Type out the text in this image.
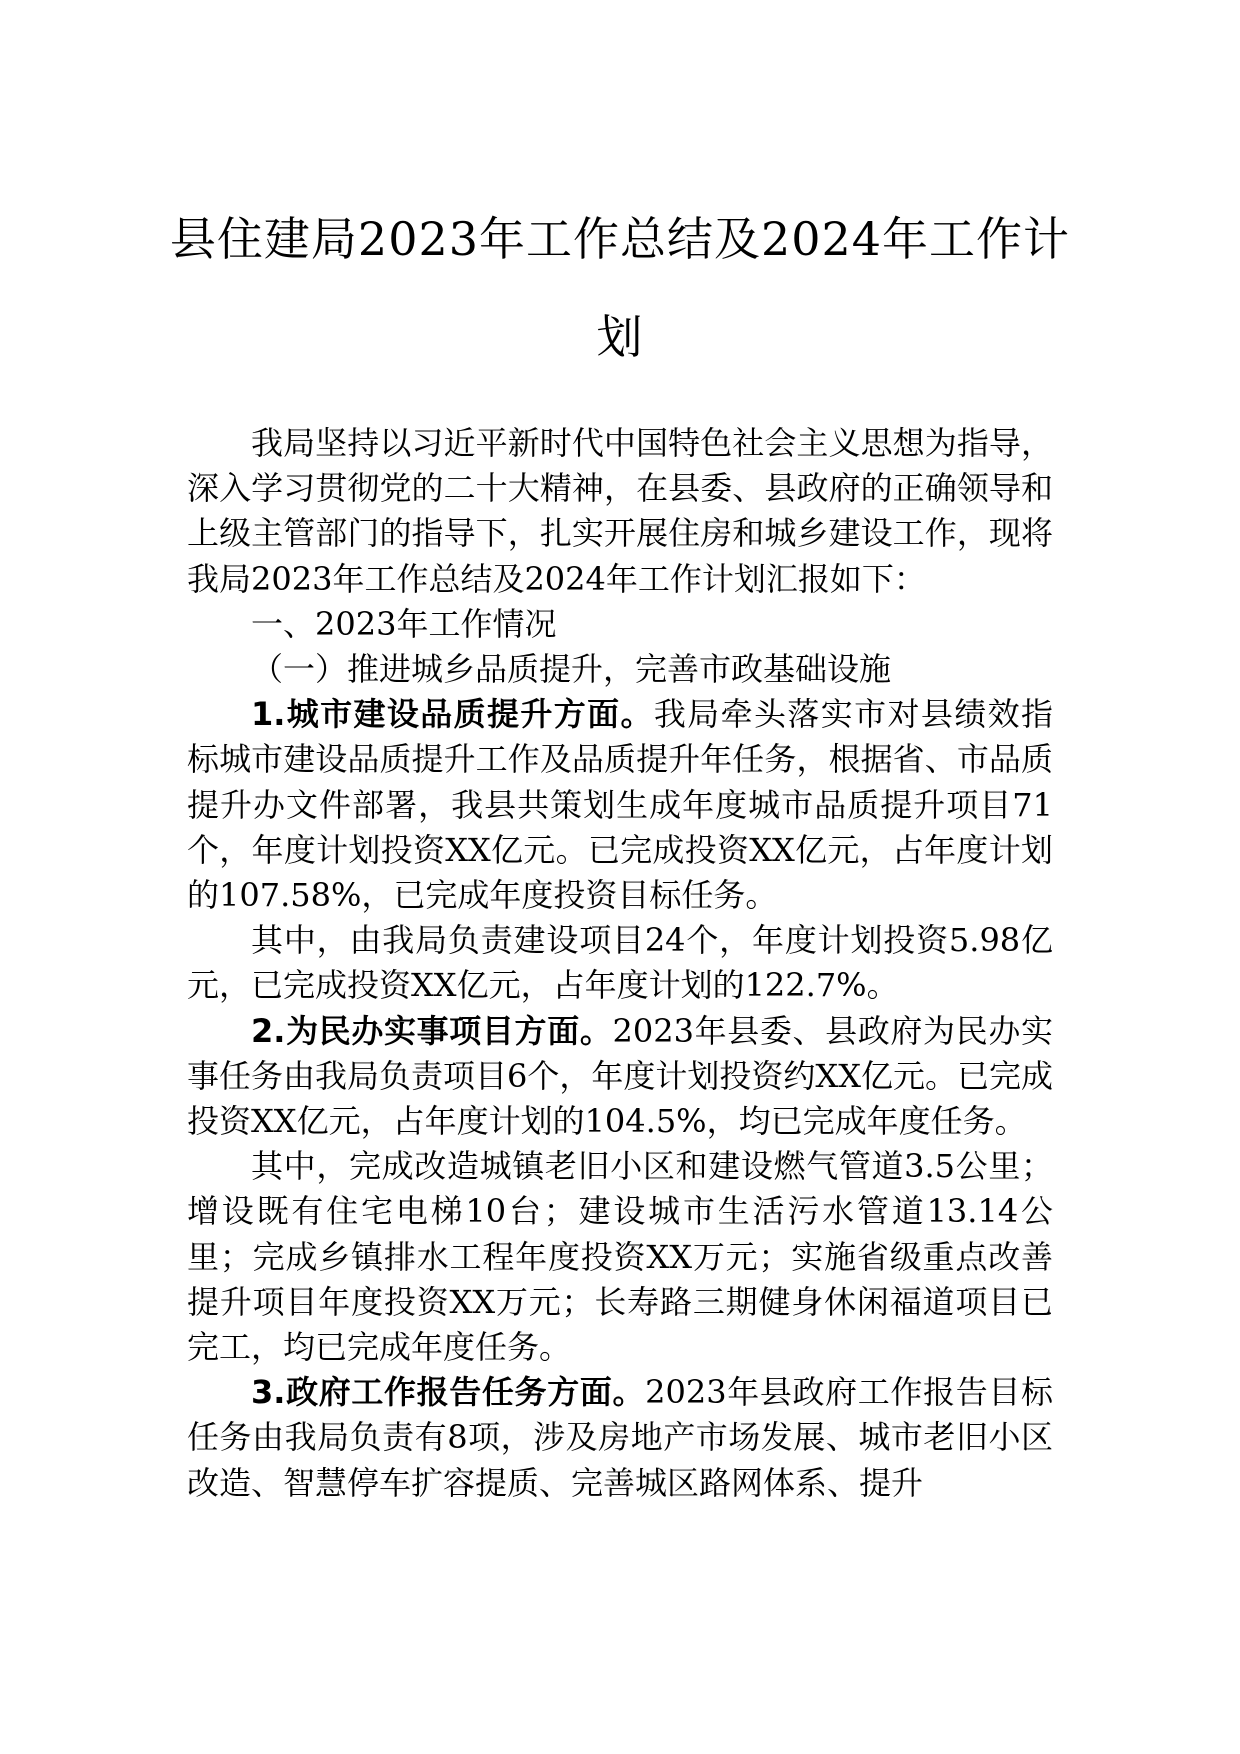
县住建局2023年工作总结及2024年工作计划

我局坚持以习近平新时代中国特色社会主义思想为指导，深入学习贯彻党的二十大精神，在县委、县政府的正确领导和上级主管部门的指导下，扎实开展住房和城乡建设工作，现将我局2023年工作总结及2024年工作计划汇报如下：

一、2023年工作情况

（一）推进城乡品质提升，完善市政基础设施

1.城市建设品质提升方面。我局牵头落实市对县绩效指标城市建设品质提升工作及品质提升年任务，根据省、市品质提升办文件部署，我县共策划生成年度城市品质提升项目71个，年度计划投资XX亿元。已完成投资XX亿元，占年度计划的107.58%，已完成年度投资目标任务。

其中，由我局负责建设项目24个，年度计划投资5.98亿元，已完成投资XX亿元，占年度计划的122.7%。

2.为民办实事项目方面。2023年县委、县政府为民办实事任务由我局负责项目6个，年度计划投资约XX亿元。已完成投资XX亿元，占年度计划的104.5%，均已完成年度任务。

其中，完成改造城镇老旧小区和建设燃气管道3.5公里；增设既有住宅电梯10台；建设城市生活污水管道13.14公里；完成乡镇排水工程年度投资XX万元；实施省级重点改善提升项目年度投资XX万元；长寿路三期健身休闲福道项目已完工，均已完成年度任务。

3.政府工作报告任务方面。2023年县政府工作报告目标任务由我局负责有8项，涉及房地产市场发展、城市老旧小区改造、智慧停车扩容提质、完善城区路网体系、提升
